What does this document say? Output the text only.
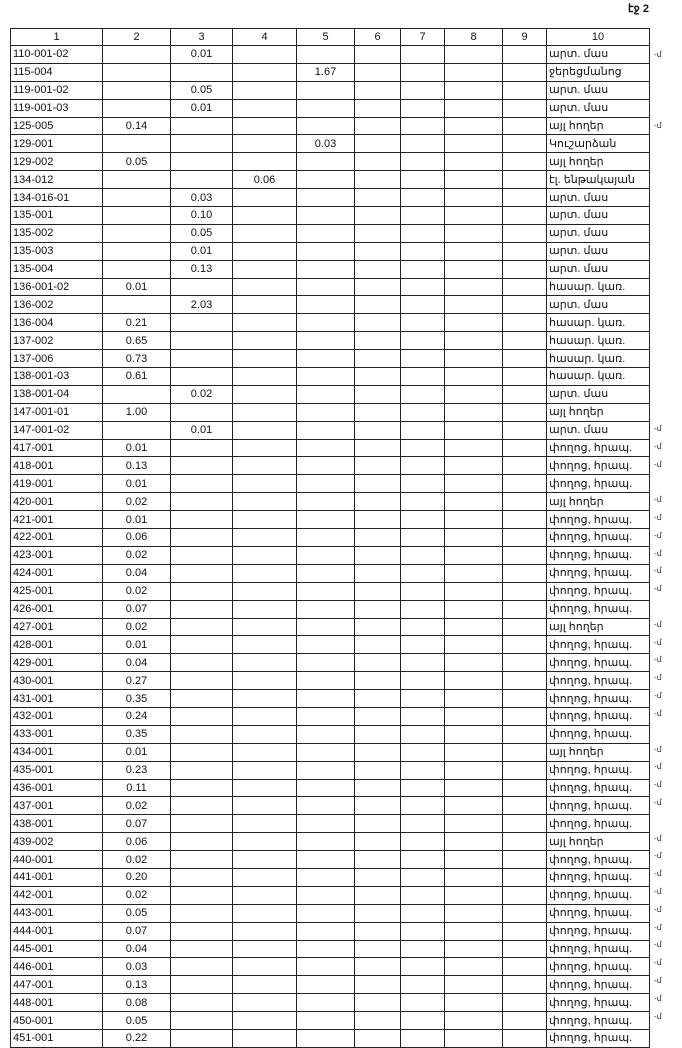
էջ 2
1	2	3	4	5	6	7	8	9	10
110-001-02		0.01							արտ. մաս
115-004				1.67					ջերեցմանոց
119-001-02		0.05							արտ. մաս
119-001-03		0.01							արտ. մաս
125-005	0.14								այլ հողեր
129-001				0.03					Կուշարձան
129-002	0.05								այլ հողեր
134-012			0.06						էլ. ենթակայան
134-016-01		0.03							արտ. մաս
135-001		0.10							արտ. մաս
135-002		0.05							արտ. մաս
135-003		0.01							արտ. մաս
135-004		0.13							արտ. մաս
136-001-02	0.01								հասար. կառ.
136-002		2.03							արտ. մաս
136-004	0.21								հասար. կառ.
137-002	0.65								հասար. կառ.
137-006	0.73								հասար. կառ.
138-001-03	0.61								հասար. կառ.
138-001-04		0.02							արտ. մաս
147-001-01	1.00								այլ հողեր
147-001-02		0.01							արտ. մաս
417-001	0.01								փողոց, հրապ.
418-001	0.13								փողոց, հրապ.
419-001	0.01								փողոց, հրապ.
420-001	0.02								այլ հողեր
421-001	0.01								փողոց, հրապ.
422-001	0.06								փողոց, հրապ.
423-001	0.02								փողոց, հրապ.
424-001	0.04								փողոց, հրապ.
425-001	0.02								փողոց, հրապ.
426-001	0.07								փողոց, հրապ.
427-001	0.02								այլ հողեր
428-001	0.01								փողոց, հրապ.
429-001	0.04								փողոց, հրապ.
430-001	0.27								փողոց, հրապ.
431-001	0.35								փողոց, հրապ.
432-001	0.24								փողոց, հրապ.
433-001	0.35								փողոց, հրապ.
434-001	0.01								այլ հողեր
435-001	0.23								փողոց, հրապ.
436-001	0.11								փողոց, հրապ.
437-001	0.02								փողոց, հրապ.
438-001	0.07								փողոց, հրապ.
439-002	0.06								այլ հողեր
440-001	0.02								փողոց, հրապ.
441-001	0.20								փողոց, հրապ.
442-001	0.02								փողոց, հրապ.
443-001	0.05								փողոց, հրապ.
444-001	0.07								փողոց, հրապ.
445-001	0.04								փողոց, հրապ.
446-001	0.03								փողոց, հրապ.
447-001	0.13								փողոց, հրապ.
448-001	0.08								փողոց, հրապ.
450-001	0.05								փողոց, հրապ.
451-001	0.22								փողոց, հրապ.
-մ
-մ
-մ
-մ
-մ
-մ
-մ
-մ
-մ
-մ
-մ
-մ
-մ
-մ
-մ
-մ
-մ
-մ
-մ
-մ
-մ
-մ
-մ
-մ
-մ
-մ
-մ
-մ
-մ
-մ
-մ
-մ
